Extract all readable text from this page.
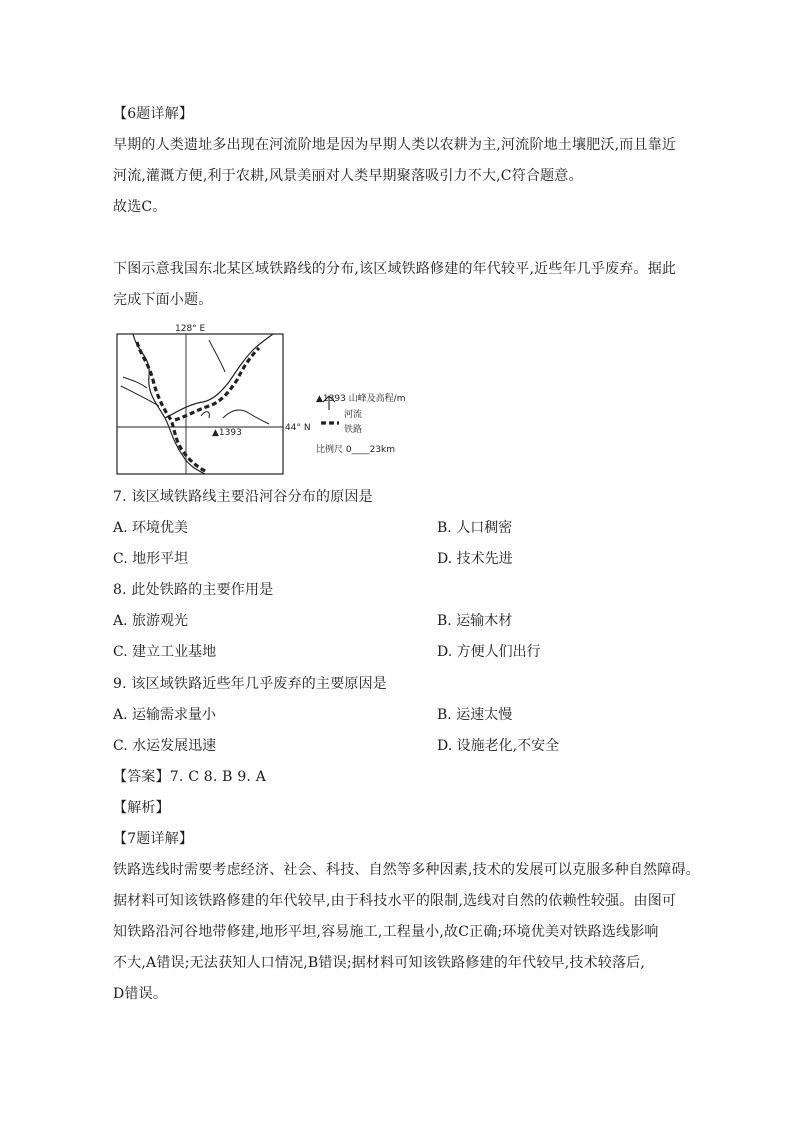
【6题详解】
早期的人类遗址多出现在河流阶地是因为早期人类以农耕为主,河流阶地土壤肥沃,而且靠近
河流,灌溉方便,利于农耕,风景美丽对人类早期聚落吸引力不大,C符合题意。
故选C。
下图示意我国东北某区域铁路线的分布,该区域铁路修建的年代较平,近些年几乎废弃。据此
完成下面小题。
128° E
44° N
▲1393
▲1393 山峰及高程/m
河流
铁路
比例尺 0____23km
7. 该区域铁路线主要沿河谷分布的原因是
A. 环境优美	B. 人口稠密
C. 地形平坦	D. 技术先进
8. 此处铁路的主要作用是
A. 旅游观光	B. 运输木材
C. 建立工业基地	D. 方便人们出行
9. 该区域铁路近些年几乎废弃的主要原因是
A. 运输需求量小	B. 运速太慢
C. 水运发展迅速	D. 设施老化,不安全
【答案】7. C 8. B 9. A
【解析】
【7题详解】
铁路选线时需要考虑经济、社会、科技、自然等多种因素,技术的发展可以克服多种自然障碍。
据材料可知该铁路修建的年代较早,由于科技水平的限制,选线对自然的依赖性较强。由图可
知铁路沿河谷地带修建,地形平坦,容易施工,工程量小,故C正确;环境优美对铁路选线影响
不大,A错误;无法获知人口情况,B错误;据材料可知该铁路修建的年代较早,技术较落后,
D错误。
